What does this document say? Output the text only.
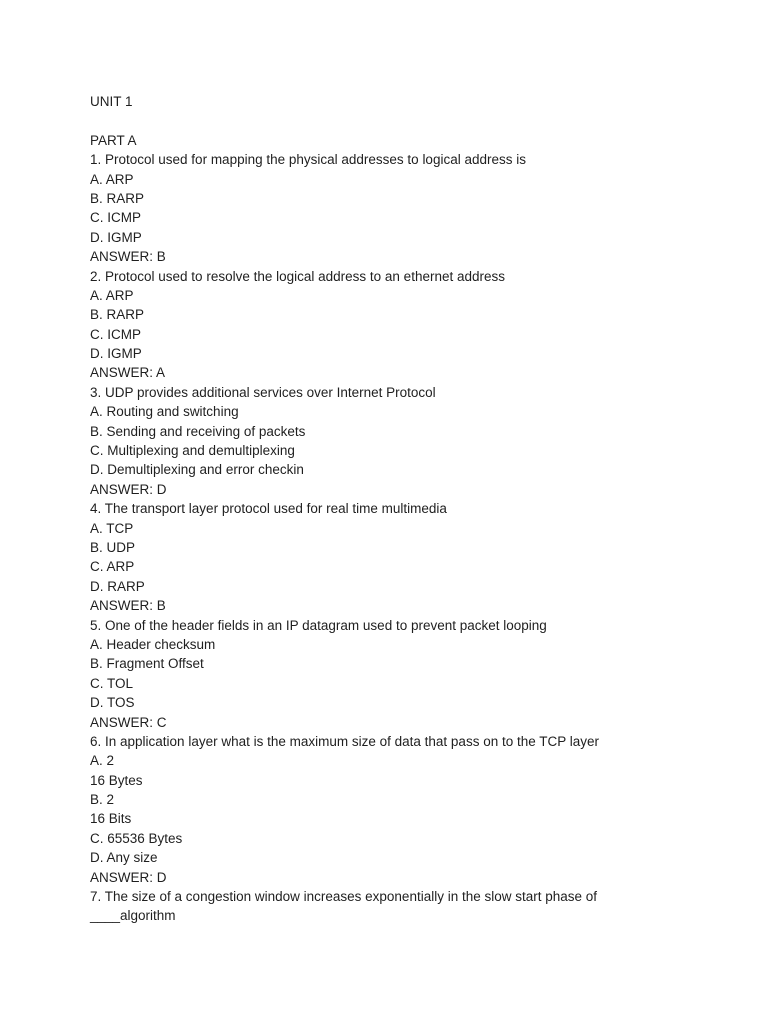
UNIT 1
PART A
1. Protocol used for mapping the physical addresses to logical address is
A. ARP
B. RARP
C. ICMP
D. IGMP
ANSWER: B
2. Protocol used to resolve the logical address to an ethernet address
A. ARP
B. RARP
C. ICMP
D. IGMP
ANSWER: A
3. UDP provides additional services over Internet Protocol
A. Routing and switching
B. Sending and receiving of packets
C. Multiplexing and demultiplexing
D. Demultiplexing and error checkin
ANSWER: D
4. The transport layer protocol used for real time multimedia
A. TCP
B. UDP
C. ARP
D. RARP
ANSWER: B
5. One of the header fields in an IP datagram used to prevent packet looping
A. Header checksum
B. Fragment Offset
C. TOL
D. TOS
ANSWER: C
6. In application layer what is the maximum size of data that pass on to the TCP layer
A. 2
16 Bytes
B. 2
16 Bits
C. 65536 Bytes
D. Any size
ANSWER: D
7. The size of a congestion window increases exponentially in the slow start phase of
____algorithm
